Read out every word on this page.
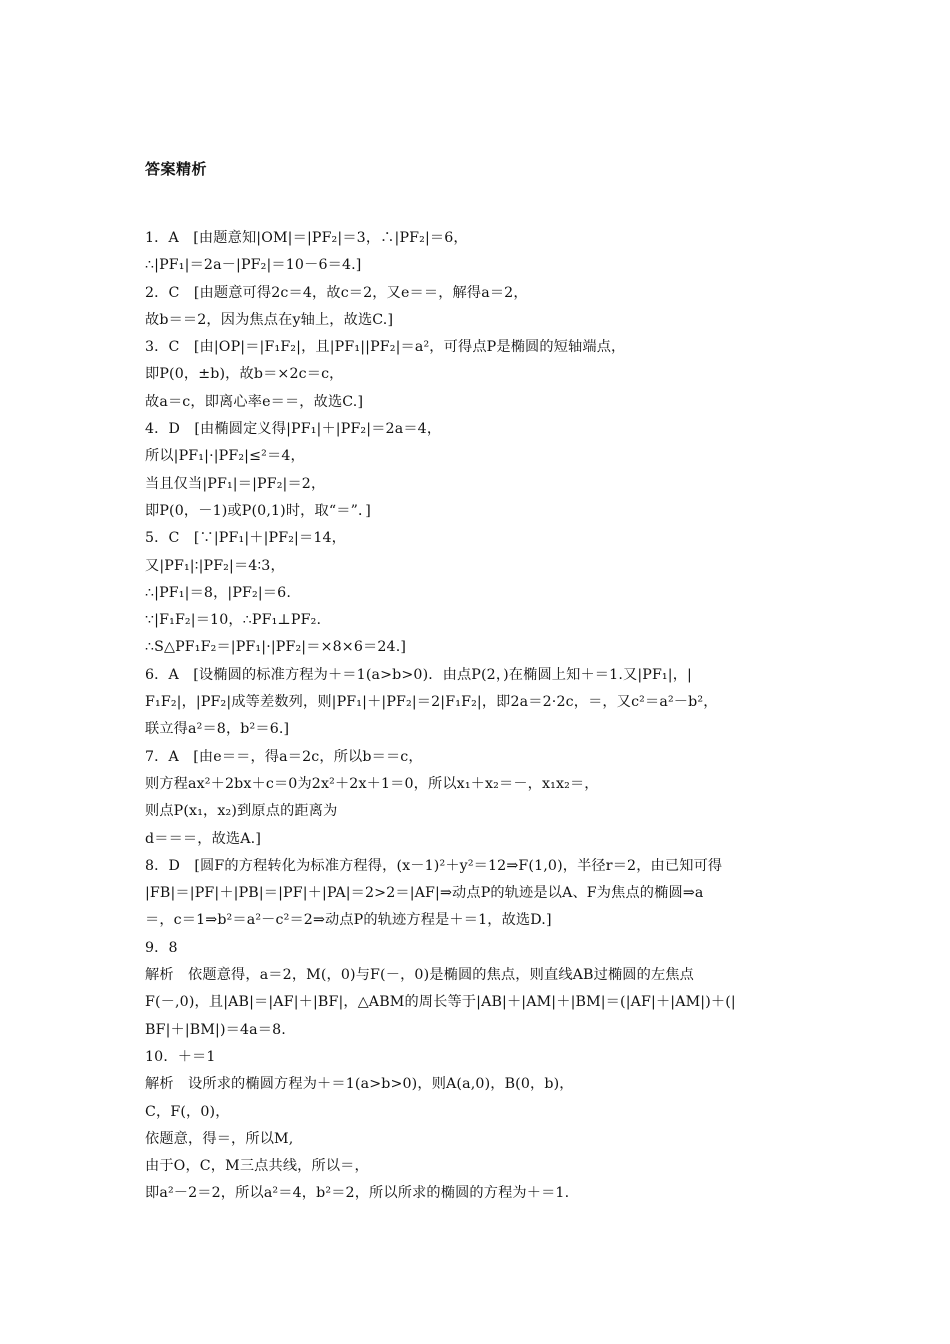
答案精析
1．A　[由题意知|OM|＝|PF₂|＝3，∴|PF₂|＝6，
∴|PF₁|＝2a－|PF₂|＝10－6＝4.]
2．C　[由题意可得2c＝4，故c＝2，又e＝＝，解得a＝2，
故b＝＝2，因为焦点在y轴上，故选C.]
3．C　[由|OP|＝|F₁F₂|，且|PF₁||PF₂|＝a²，可得点P是椭圆的短轴端点，
即P(0，±b)，故b＝×2c＝c，
故a＝c，即离心率e＝＝，故选C.]
4．D　[由椭圆定义得|PF₁|＋|PF₂|＝2a＝4，
所以|PF₁|·|PF₂|≤²＝4，
当且仅当|PF₁|＝|PF₂|＝2，
即P(0，－1)或P(0,1)时，取“＝”．]
5．C　[∵|PF₁|＋|PF₂|＝14，
又|PF₁|∶|PF₂|＝4∶3，
∴|PF₁|＝8，|PF₂|＝6.
∵|F₁F₂|＝10，∴PF₁⊥PF₂.
∴S△PF₁F₂＝|PF₁|·|PF₂|＝×8×6＝24.]
6．A　[设椭圆的标准方程为＋＝1(a>b>0)．由点P(2，)在椭圆上知＋＝1.又|PF₁|，|
F₁F₂|，|PF₂|成等差数列，则|PF₁|＋|PF₂|＝2|F₁F₂|，即2a＝2·2c，＝，又c²＝a²－b²，
联立得a²＝8，b²＝6.]
7．A　[由e＝＝，得a＝2c，所以b＝＝c，
则方程ax²＋2bx＋c＝0为2x²＋2x＋1＝0，所以x₁＋x₂＝－，x₁x₂＝，
则点P(x₁，x₂)到原点的距离为
d＝＝＝，故选A.]
8．D　[圆F的方程转化为标准方程得，(x－1)²＋y²＝12⇒F(1,0)，半径r＝2，由已知可得
|FB|＝|PF|＋|PB|＝|PF|＋|PA|＝2>2＝|AF|⇒动点P的轨迹是以A、F为焦点的椭圆⇒a
＝，c＝1⇒b²＝a²－c²＝2⇒动点P的轨迹方程是＋＝1，故选D.]
9．8
解析　依题意得，a＝2，M(，0)与F(－，0)是椭圆的焦点，则直线AB过椭圆的左焦点
F(－,0)，且|AB|＝|AF|＋|BF|，△ABM的周长等于|AB|＋|AM|＋|BM|＝(|AF|＋|AM|)＋(|
BF|＋|BM|)＝4a＝8.
10．＋＝1
解析　设所求的椭圆方程为＋＝1(a>b>0)，则A(a,0)，B(0，b)，
C，F(，0)，
依题意，得＝，所以M,
由于O，C，M三点共线，所以＝，
即a²－2＝2，所以a²＝4，b²＝2，所以所求的椭圆的方程为＋＝1.
